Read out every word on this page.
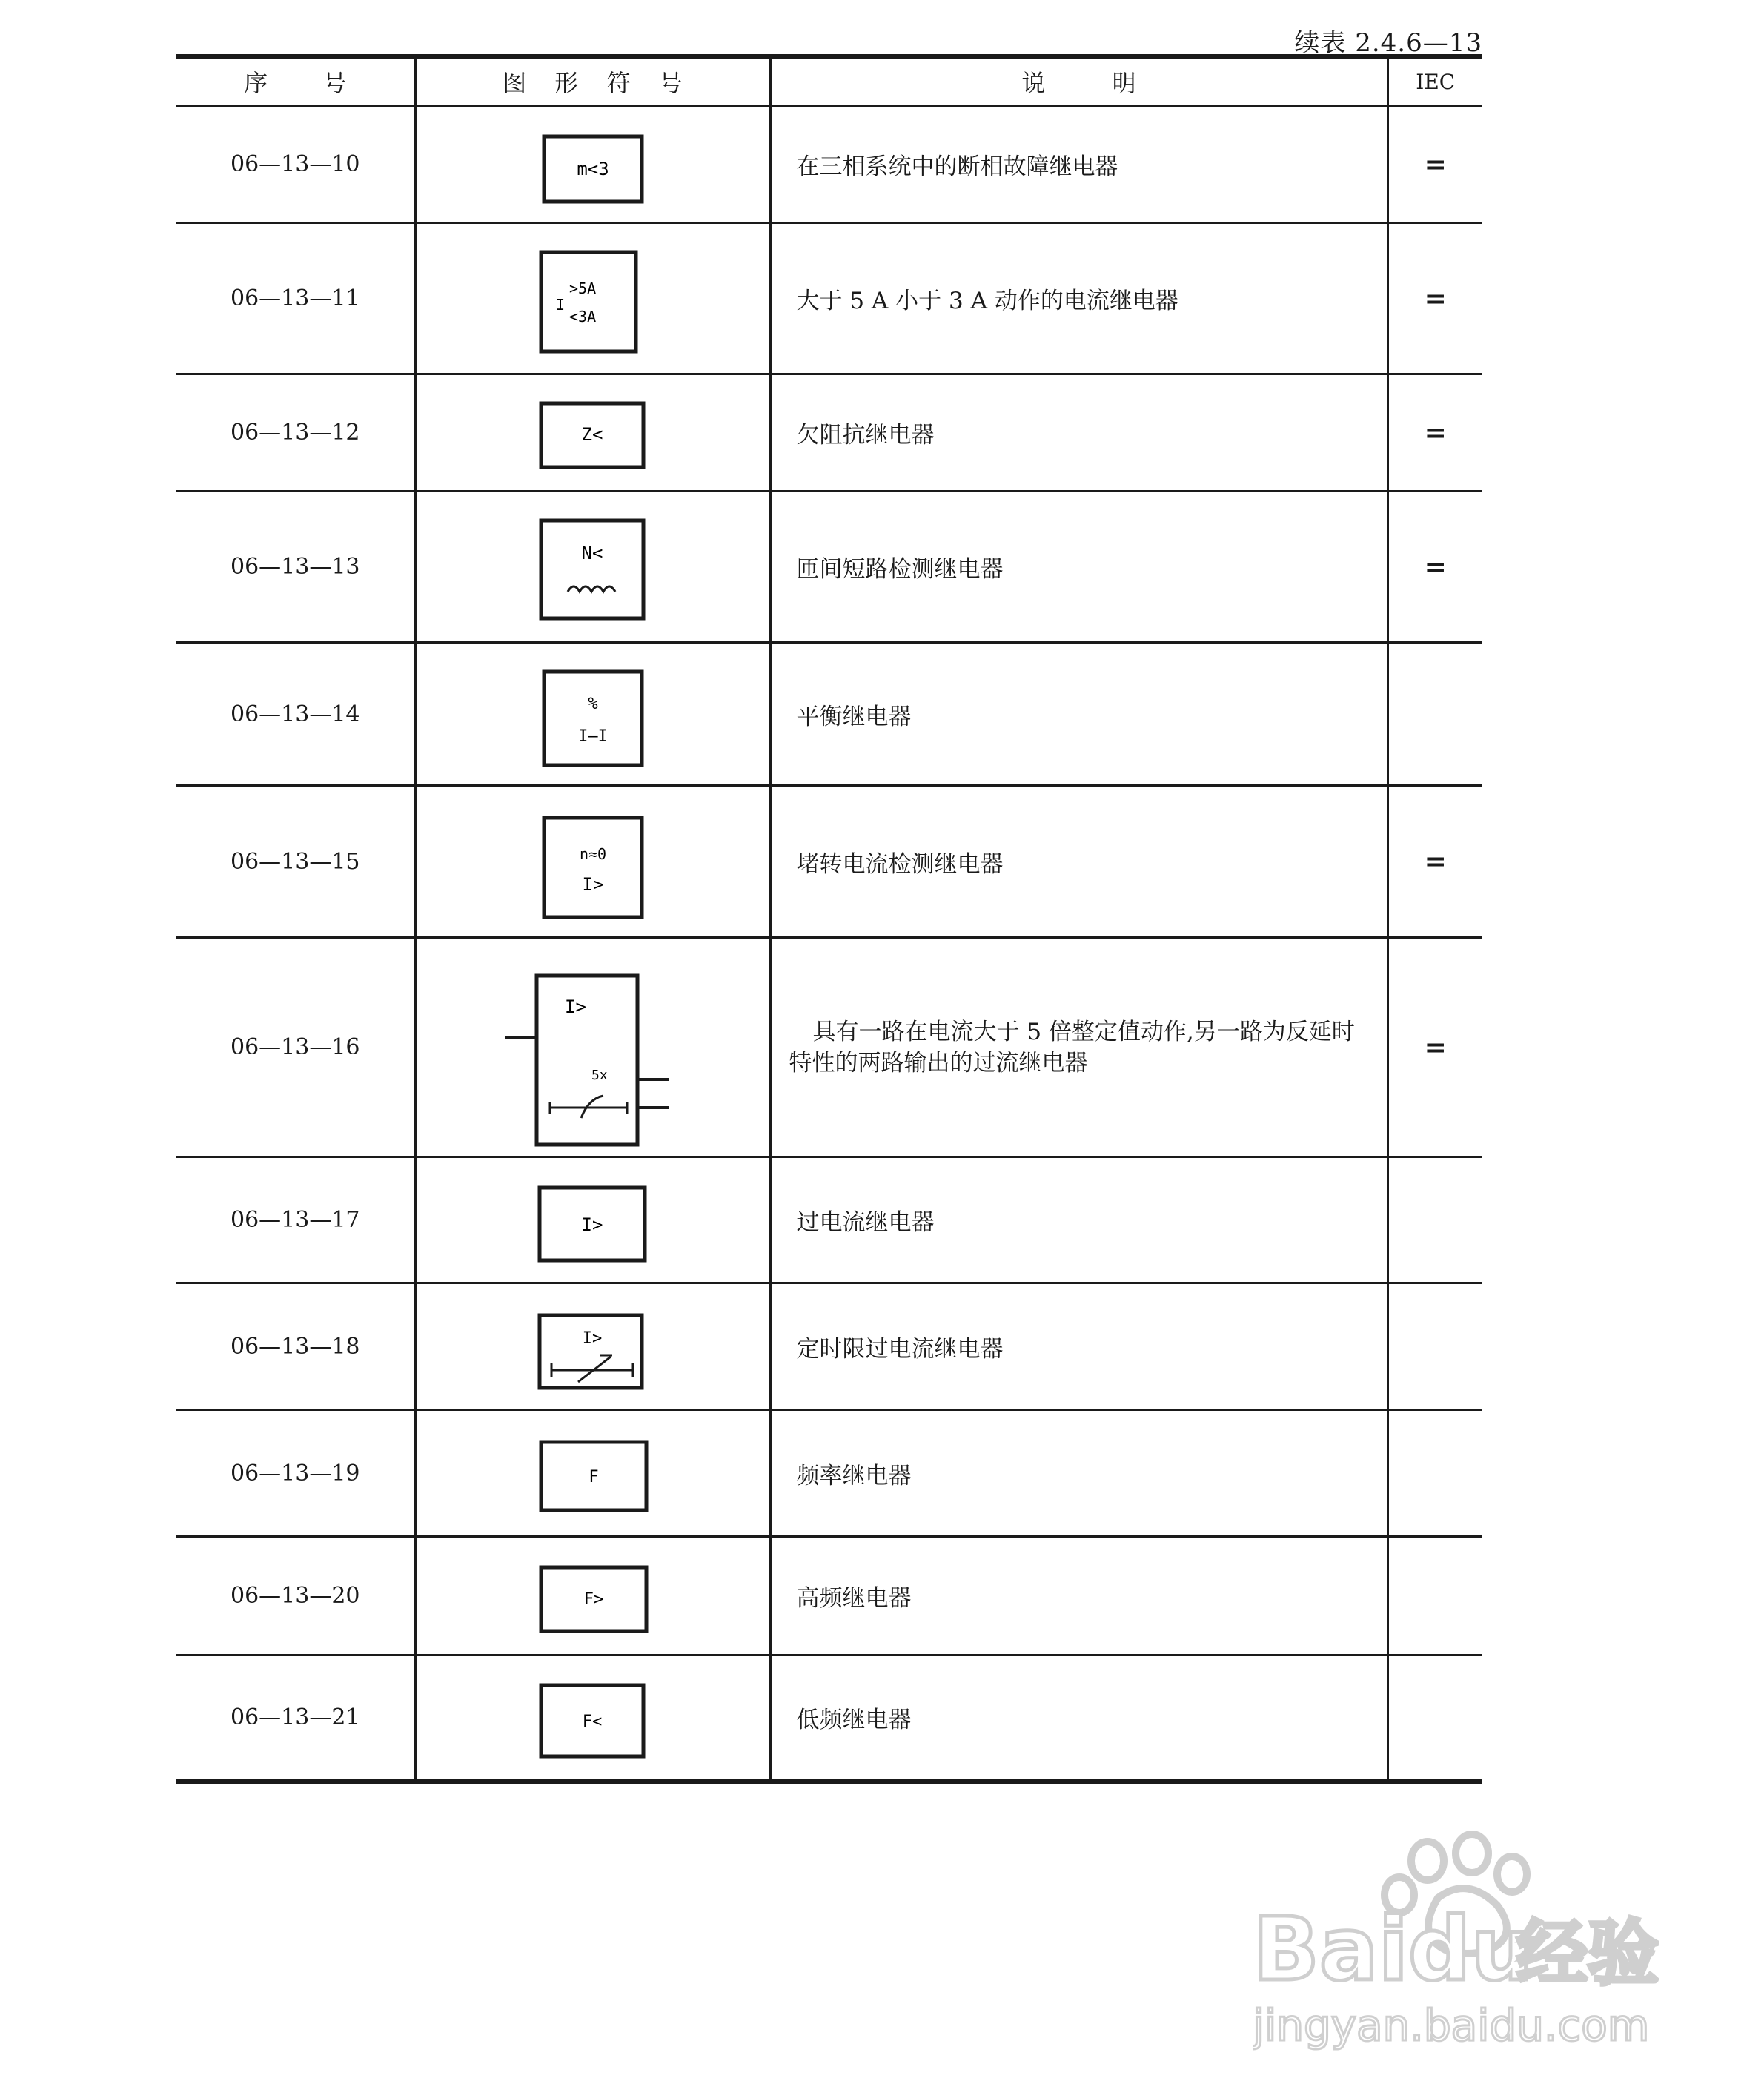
续表 2.4.6—13
序 号	图 形 符 号	说 明	IEC
06—13—10	m<3	在三相系统中的断相故障继电器	=
06—13—11	I
>5A
<3A	大于 5 A 小于 3 A 动作的电流继电器	=
06—13—12	Z<	欠阻抗继电器	=
06—13—13	N<	匝间短路检测继电器	=
06—13—14	%
I—I	平衡继电器	
06—13—15	n≈0
I>	堵转电流检测继电器	=
06—13—16	I>
5x	具有一路在电流大于 5 倍整定值动作,另一路为反延时特性的两路输出的过流继电器	=
06—13—17	I>	过电流继电器	
06—13—18	I>	定时限过电流继电器	
06—13—19	F	频率继电器	
06—13—20	F>	高频继电器	
06—13—21	F<	低频继电器	
Baidu
经验
jingyan.baidu.com
